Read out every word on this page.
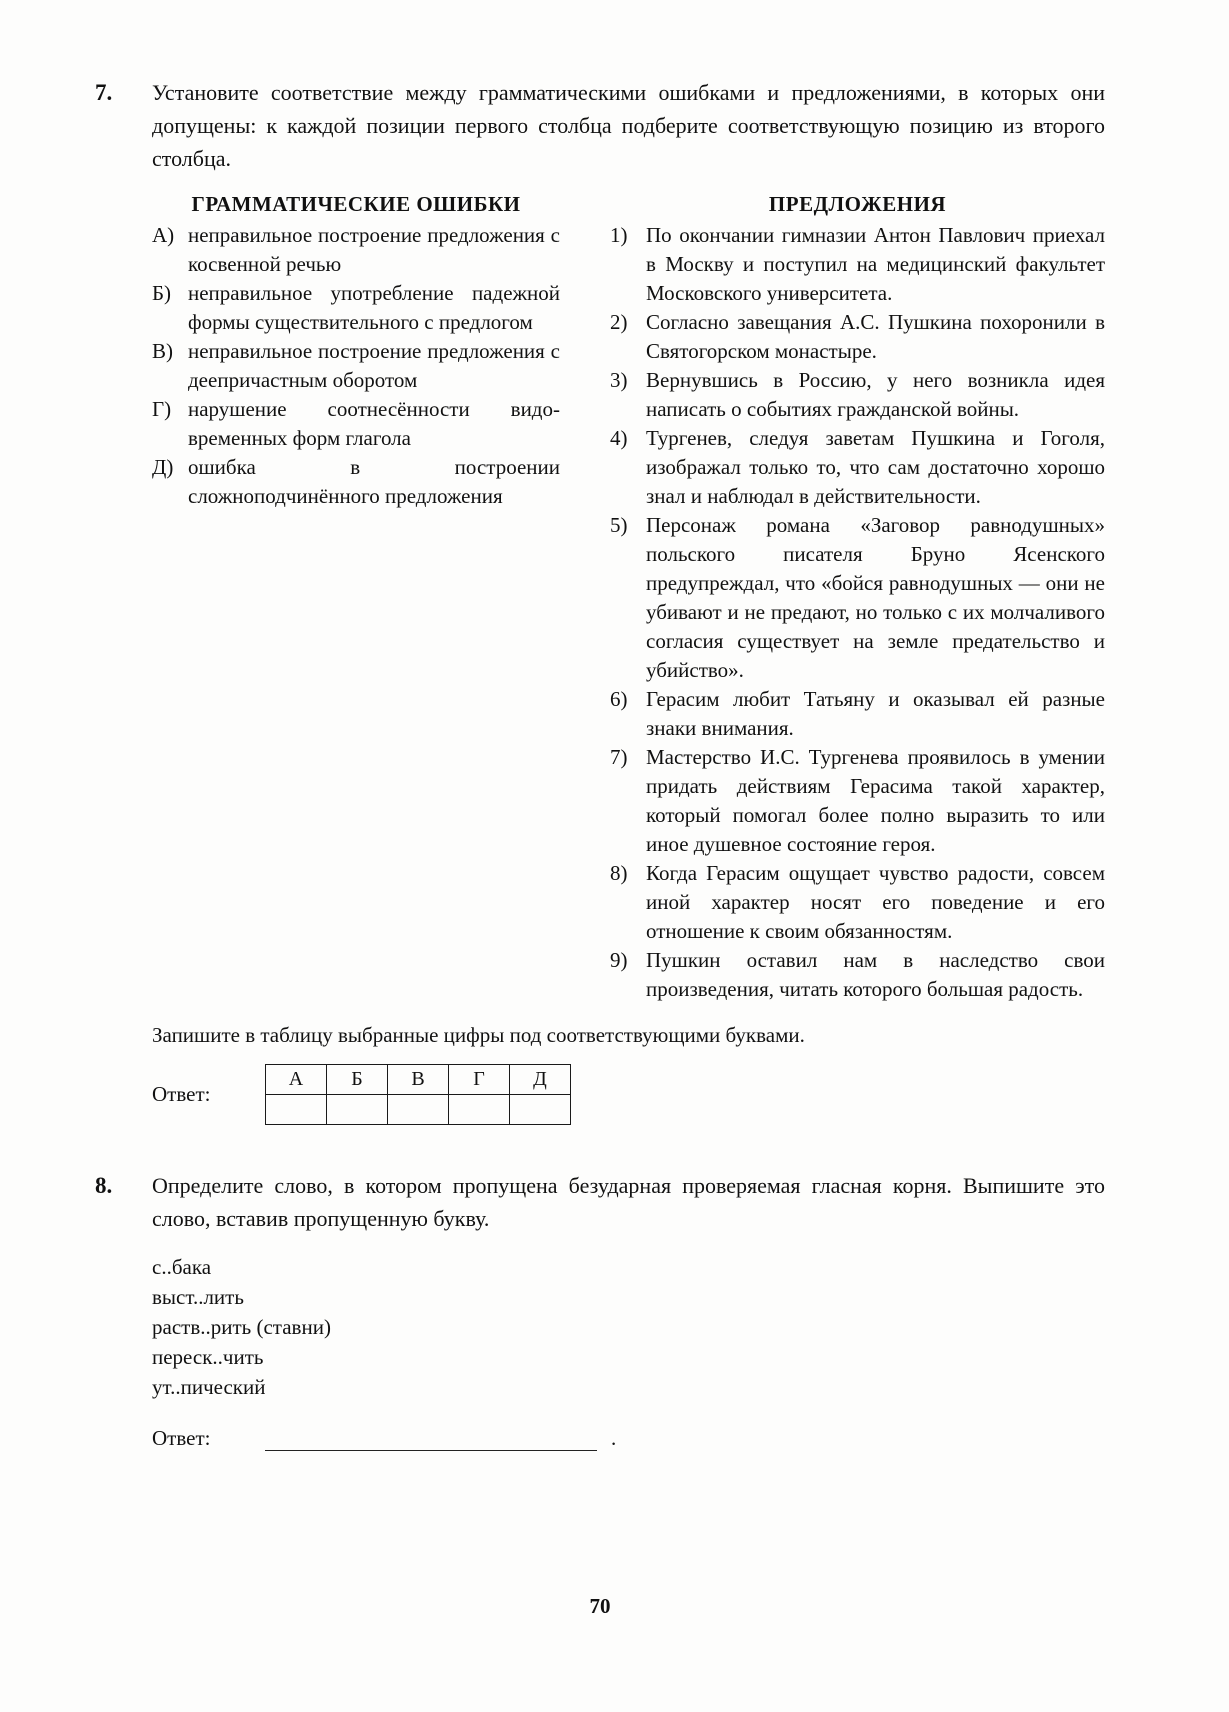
7.	Установите соответствие между грамматическими ошибками и предложениями, в которых они допущены: к каждой позиции первого столбца подберите соответствующую позицию из второго столбца.

ГРАММАТИЧЕСКИЕ ОШИБКИ
А) неправильное построение предложения с косвенной речью

Б) неправильное употребление падежной формы существительного с предлогом

В) неправильное построение предложения с деепричастным оборотом

Г) нарушение соотнесённости видо-временных форм глагола

Д) ошибка в построении сложноподчинённого предложения

ПРЕДЛОЖЕНИЯ
1) По окончании гимназии Антон Павлович приехал в Москву и поступил на медицинский факультет Московского университета.

2) Согласно завещания А.С. Пушкина похоронили в Святогорском монастыре.

3) Вернувшись в Россию, у него возникла идея написать о событиях гражданской войны.

4) Тургенев, следуя заветам Пушкина и Гоголя, изображал только то, что сам достаточно хорошо знал и наблюдал в действительности.

5) Персонаж романа «Заговор равнодушных» польского писателя Бруно Ясенского предупреждал, что «бойся равнодушных — они не убивают и не предают, но только с их молчаливого согласия существует на земле предательство и убийство».

6) Герасим любит Татьяну и оказывал ей разные знаки внимания.

7) Мастерство И.С. Тургенева проявилось в умении придать действиям Герасима такой характер, который помогал более полно выразить то или иное душевное состояние героя.

8) Когда Герасим ощущает чувство радости, совсем иной характер носят его поведение и его отношение к своим обязанностям.

9) Пушкин оставил нам в наследство свои произведения, читать которого большая радость.

Запишите в таблицу выбранные цифры под соответствующими буквами.

Ответ:
А	Б	В	Г	Д

8.	Определите слово, в котором пропущена безударная проверяемая гласная корня. Выпишите это слово, вставив пропущенную букву.

с..бака
выст..лить
раств..рить (ставни)
переск..чить
ут..пический
Ответ:	.
70
